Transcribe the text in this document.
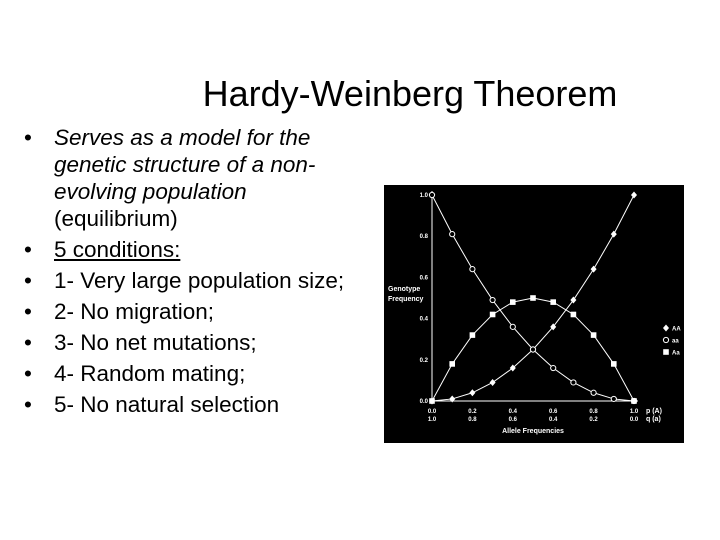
Hardy-Weinberg Theorem
• Serves as a model for the genetic structure of a non-evolving population (equilibrium)
• 5 conditions:
• 1- Very large population size;
• 2- No migration;
• 3- No net mutations;
• 4- Random mating;
• 5- No natural selection	0.0
0.2
0.4
0.6
0.8
1.0
0.0
1.0
0.2
0.8
0.4
0.6
0.6
0.4
0.8
0.2
1.0
0.0
p (A)
q (a)
Genotype
Frequency
Allele Frequencies
AA
aa
Aa
